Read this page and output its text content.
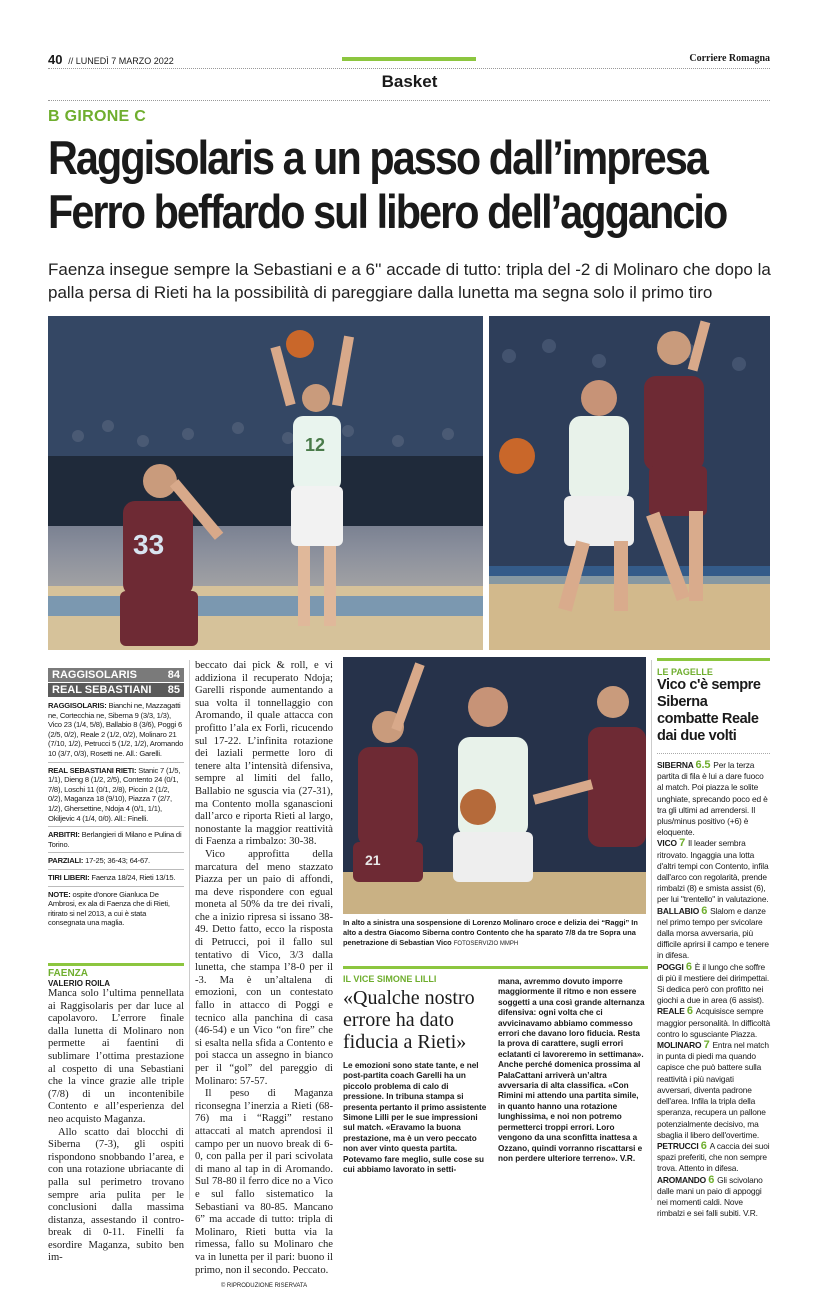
40 // LUNEDÌ 7 MARZO 2022	Corriere Romagna
Basket
B GIRONE C
Raggisolaris a un passo dall’impresa
Ferro beffardo sul libero dell’aggancio
Faenza insegue sempre la Sebastiani e a 6'' accade di tutto: tripla del -2 di Molinaro che dopo la palla persa di Rieti ha la possibilità di pareggiare dalla lunetta ma segna solo il primo tiro
12
33
21
RAGGISOLARIS	84
REAL SEBASTIANI 85
RAGGISOLARIS: Bianchi ne, Mazzagatti ne, Cortecchia ne, Siberna 9 (3/3, 1/3), Vico 23 (1/4, 5/8), Ballabio 8 (3/6), Poggi 6 (2/5, 0/2), Reale 2 (1/2, 0/2), Molinaro 21 (7/10, 1/2), Petrucci 5 (1/2, 1/2), Aromando 10 (3/7, 0/3), Rosetti ne. All.: Garelli.
REAL SEBASTIANI RIETI: Stanic 7 (1/5, 1/1), Dieng 8 (1/2, 2/5), Contento 24 (0/1, 7/8), Loschi 11 (0/1, 2/8), Piccin 2 (1/2, 0/2), Maganza 18 (9/10), Piazza 7 (2/7, 1/2), Ghersettine, Ndoja 4 (0/1, 1/1), Okiljevic 4 (1/4, 0/0). All.: Finelli.
ARBITRI: Berlangieri di Milano e Pulina di Torino.
PARZIALI: 17-25; 36-43; 64-67.
TIRI LIBERI: Faenza 18/24, Rieti 13/15.
NOTE: ospite d'onore Gianluca De Ambrosi, ex ala di Faenza che di Rieti, ritirato si nel 2013, a cui è stata consegnata una maglia.
FAENZA
VALERIO ROILA

Manca solo l’ultima pennellata ai Raggisolaris per dar luce al capolavoro. L’errore finale dalla lunetta di Molinaro non permette ai faentini di sublimare l’ottima prestazione al cospetto di una Sebastiani che la vince grazie alle triple (7/8) di un incontenibile Contento e all’esperienza del neo acquisto Maganza.

Allo scatto dai blocchi di Siberna (7-3), gli ospiti rispondono snobbando l’area, e con una rotazione ubriacante di palla sul perimetro trovano sempre aria pulita per le conclusioni dalla massima distanza, assestando il contro-break di 0-11. Finelli fa esordire Maganza, subito ben im-

beccato dai pick & roll, e vi addiziona il recuperato Ndoja; Garelli risponde aumentando a sua volta il tonnellaggio con Aromando, il quale attacca con profitto l’ala ex Forlì, ricucendo sul 17-22. L’infinita rotazione dei laziali permette loro di tenere alta l’intensità difensiva, sempre al limiti del fallo, Ballabio ne sguscia via (27-31), ma Contento molla sganascioni dall’arco e riporta Rieti al largo, nonostante la maggior reattività di Faenza a rimbalzo: 30-38.

Vico approfitta della marcatura del meno stazzato Piazza per un paio di affondi, ma deve rispondere con egual moneta al 50% da tre dei rivali, che a inizio ripresa si issano 38-49. Detto fatto, ecco la risposta di Petrucci, poi il fallo sul tentativo di Vico, 3/3 dalla lunetta, che stampa l’8-0 per il -3. Ma è un’altalena di emozioni, con un contestato fallo in attacco di Poggi e tecnico alla panchina di casa (46-54) e un Vico “on fire” che si esalta nella sfida a Contento e poi stacca un assegno in bianco per il “gol” del pareggio di Molinaro: 57-57.

Il peso di Maganza riconsegna l’inerzia a Rieti (68-76) ma i “Raggi” restano attaccati al match aprendosi il campo per un nuovo break di 6-0, con palla per il pari scivolata di mano al tap in di Aromando. Sul 78-80 il ferro dice no a Vico e sul fallo sistematico la Sebastiani va 80-85. Mancano 6” ma accade di tutto: tripla di Molinaro, Rieti butta via la rimessa, fallo su Molinaro che va in lunetta per il pari: buono il primo, non il secondo. Peccato.

© RIPRODUZIONE RISERVATA
In alto a sinistra una sospensione di Lorenzo Molinaro croce e delizia dei “Raggi” In alto a destra Giacomo Siberna contro Contento che ha sparato 7/8 da tre Sopra una penetrazione di Sebastian Vico FOTOSERVIZIO MMPH
IL VICE SIMONE LILLI
«Qualche nostro errore ha dato fiducia a Rieti»
Le emozioni sono state tante, e nel post-partita coach Garelli ha un piccolo problema di calo di pressione. In tribuna stampa si presenta pertanto il primo assistente Simone Lilli per le sue impressioni sul match. «Eravamo la buona prestazione, ma è un vero peccato non aver vinto questa partita. Potevamo fare meglio, sulle cose su cui abbiamo lavorato in setti-
mana, avremmo dovuto imporre maggiormente il ritmo e non essere soggetti a una così grande alternanza difensiva: ogni volta che ci avvicinavamo abbiamo commesso errori che davano loro fiducia. Resta la prova di carattere, sugli errori eclatanti ci lavoreremo in settimana». Anche perché domenica prossima al PalaCattani arriverà un’altra avversaria di alta classifica. «Con Rimini mi attendo una partita simile, in quanto hanno una rotazione lunghissima, e noi non potremo permetterci troppi errori. Loro vengono da una sconfitta inattesa a Ozzano, quindi vorranno riscattarsi e non perdere ulteriore terreno». V.R.
LE PAGELLE
Vico c'è sempre Siberna combatte Reale dai due volti
SIBERNA 6.5 Per la terza partita di fila è lui a dare fuoco al match. Poi piazza le solite unghiate, sprecando poco ed è tra gli ultimi ad arrendersi. Il plus/minus positivo (+6) è eloquente.
VICO 7 Il leader sembra ritrovato. Ingaggia una lotta d'altri tempi con Contento, infila dall'arco con regolarità, prende rimbalzi (8) e smista assist (6), per lui "trentello" in valutazione.
BALLABIO 6 Slalom e danze nel primo tempo per svicolare dalla morsa avversaria, più difficile aprirsi il campo e tenere in difesa.
POGGI 6 È il lungo che soffre di più il mestiere dei dirimpettai. Si dedica però con profitto nei giochi a due in area (6 assist).
REALE 6 Acquisisce sempre maggior personalità. In difficoltà contro lo sgusciante Piazza.
MOLINARO 7 Entra nel match in punta di piedi ma quando capisce che può battere sulla reattività i più navigati avversari, diventa padrone dell'area. Infila la tripla della speranza, recupera un pallone potenzialmente decisivo, ma sbaglia il libero dell'overtime.
PETRUCCI 6 A caccia dei suoi spazi preferiti, che non sempre trova. Attento in difesa.
AROMANDO 6 Gli scivolano dalle mani un paio di appoggi nei momenti caldi. Nove rimbalzi e sei falli subiti. V.R.
